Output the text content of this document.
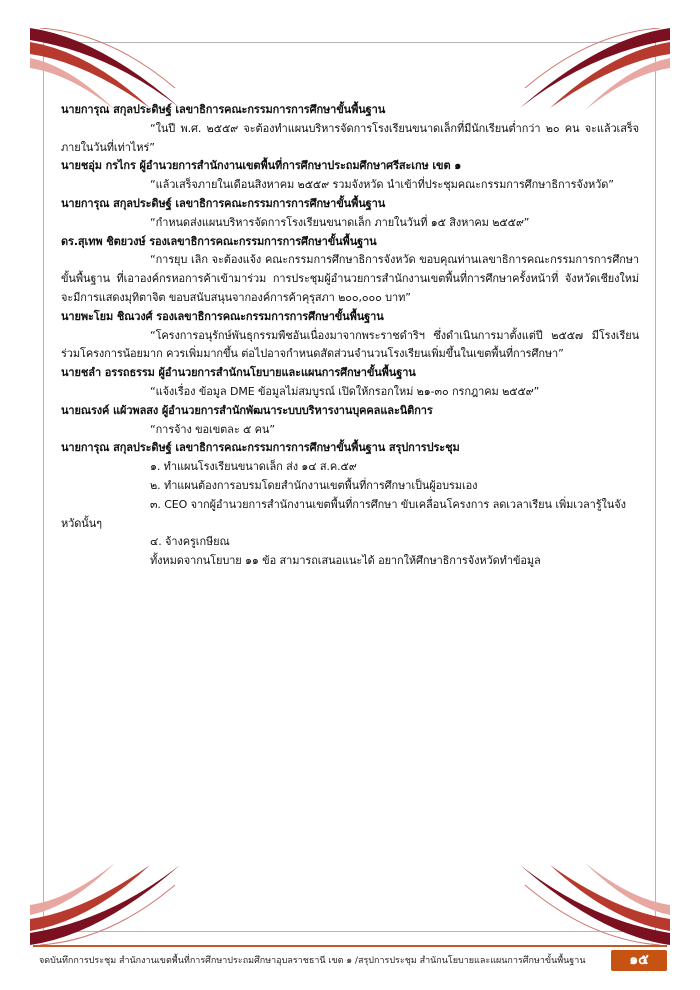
นายการุณ สกุลประดิษฐ์ เลขาธิการคณะกรรมการการศึกษาขั้นพื้นฐาน
“ในปี พ.ศ. ๒๕๕๙ จะต้องทำแผนบริหารจัดการโรงเรียนขนาดเล็กที่มีนักเรียนต่ำกว่า ๒๐ คน จะแล้วเสร็จภายในวันที่เท่าไหร่”
นายชอุ่ม กรไกร ผู้อำนวยการสำนักงานเขตพื้นที่การศึกษาประถมศึกษาศรีสะเกษ เขต ๑
“แล้วเสร็จภายในเดือนสิงหาคม ๒๕๕๙ รวมจังหวัด นำเข้าที่ประชุมคณะกรรมการศึกษาธิการจังหวัด”
นายการุณ สกุลประดิษฐ์ เลขาธิการคณะกรรมการการศึกษาขั้นพื้นฐาน
“กำหนดส่งแผนบริหารจัดการโรงเรียนขนาดเล็ก ภายในวันที่ ๑๕ สิงหาคม ๒๕๕๙”
ดร.สุเทพ ชิตยวงษ์ รองเลขาธิการคณะกรรมการการศึกษาขั้นพื้นฐาน
“การยุบ เลิก จะต้องแจ้ง คณะกรรมการศึกษาธิการจังหวัด ขอบคุณท่านเลขาธิการคณะกรรมการการศึกษาขั้นพื้นฐาน ที่เอาองค์กรหอการค้าเข้ามาร่วม การประชุมผู้อำนวยการสำนักงานเขตพื้นที่การศึกษาครั้งหน้าที่ จังหวัดเชียงใหม่ จะมีการแสดงมุทิตาจิต ขอบสนับสนุนจากองค์การค้าคุรุสภา ๒๐๐,๐๐๐ บาท”
นายพะโยม ชิณวงศ์ รองเลขาธิการคณะกรรมการการศึกษาขั้นพื้นฐาน
“โครงการอนุรักษ์พันธุกรรมพืชอันเนื่องมาจากพระราชดำริฯ ซึ่งดำเนินการมาตั้งแต่ปี ๒๕๕๗ มีโรงเรียนร่วมโครงการน้อยมาก ควรเพิ่มมากขึ้น ต่อไปอาจกำหนดสัดส่วนจำนวนโรงเรียนเพิ่มขึ้นในเขตพื้นที่การศึกษา”
นายชลำ อรรถธรรม ผู้อำนวยการสำนักนโยบายและแผนการศึกษาขั้นพื้นฐาน
“แจ้งเรื่อง ข้อมูล DME ข้อมูลไม่สมบูรณ์ เปิดให้กรอกใหม่ ๒๑-๓๐ กรกฎาคม ๒๕๕๙”
นายณรงค์ แผ้วพลสง ผู้อำนวยการสำนักพัฒนาระบบบริหารงานบุคคลและนิติการ
“การจ้าง ขอเขตละ ๕ คน”
นายการุณ สกุลประดิษฐ์ เลขาธิการคณะกรรมการการศึกษาขั้นพื้นฐาน สรุปการประชุม
๑. ทำแผนโรงเรียนขนาดเล็ก ส่ง ๑๔ ส.ค.๕๙
๒. ทำแผนต้องการอบรมโดยสำนักงานเขตพื้นที่การศึกษาเป็นผู้อบรมเอง
๓. CEO จากผู้อำนวยการสำนักงานเขตพื้นที่การศึกษา ขับเคลื่อนโครงการ ลดเวลาเรียน เพิ่มเวลารู้ในจังหวัดนั้นๆ
๔. จ้างครูเกษียณ
ทั้งหมดจากนโยบาย ๑๑ ข้อ สามารถเสนอแนะได้ อยากให้ศึกษาธิการจังหวัดทำข้อมูล
จดบันทึกการประชุม สำนักงานเขตพื้นที่การศึกษาประถมศึกษาอุบลราชธานี เขต ๑ /สรุปการประชุม สำนักนโยบายและแผนการศึกษาขั้นพื้นฐาน	๑๕
